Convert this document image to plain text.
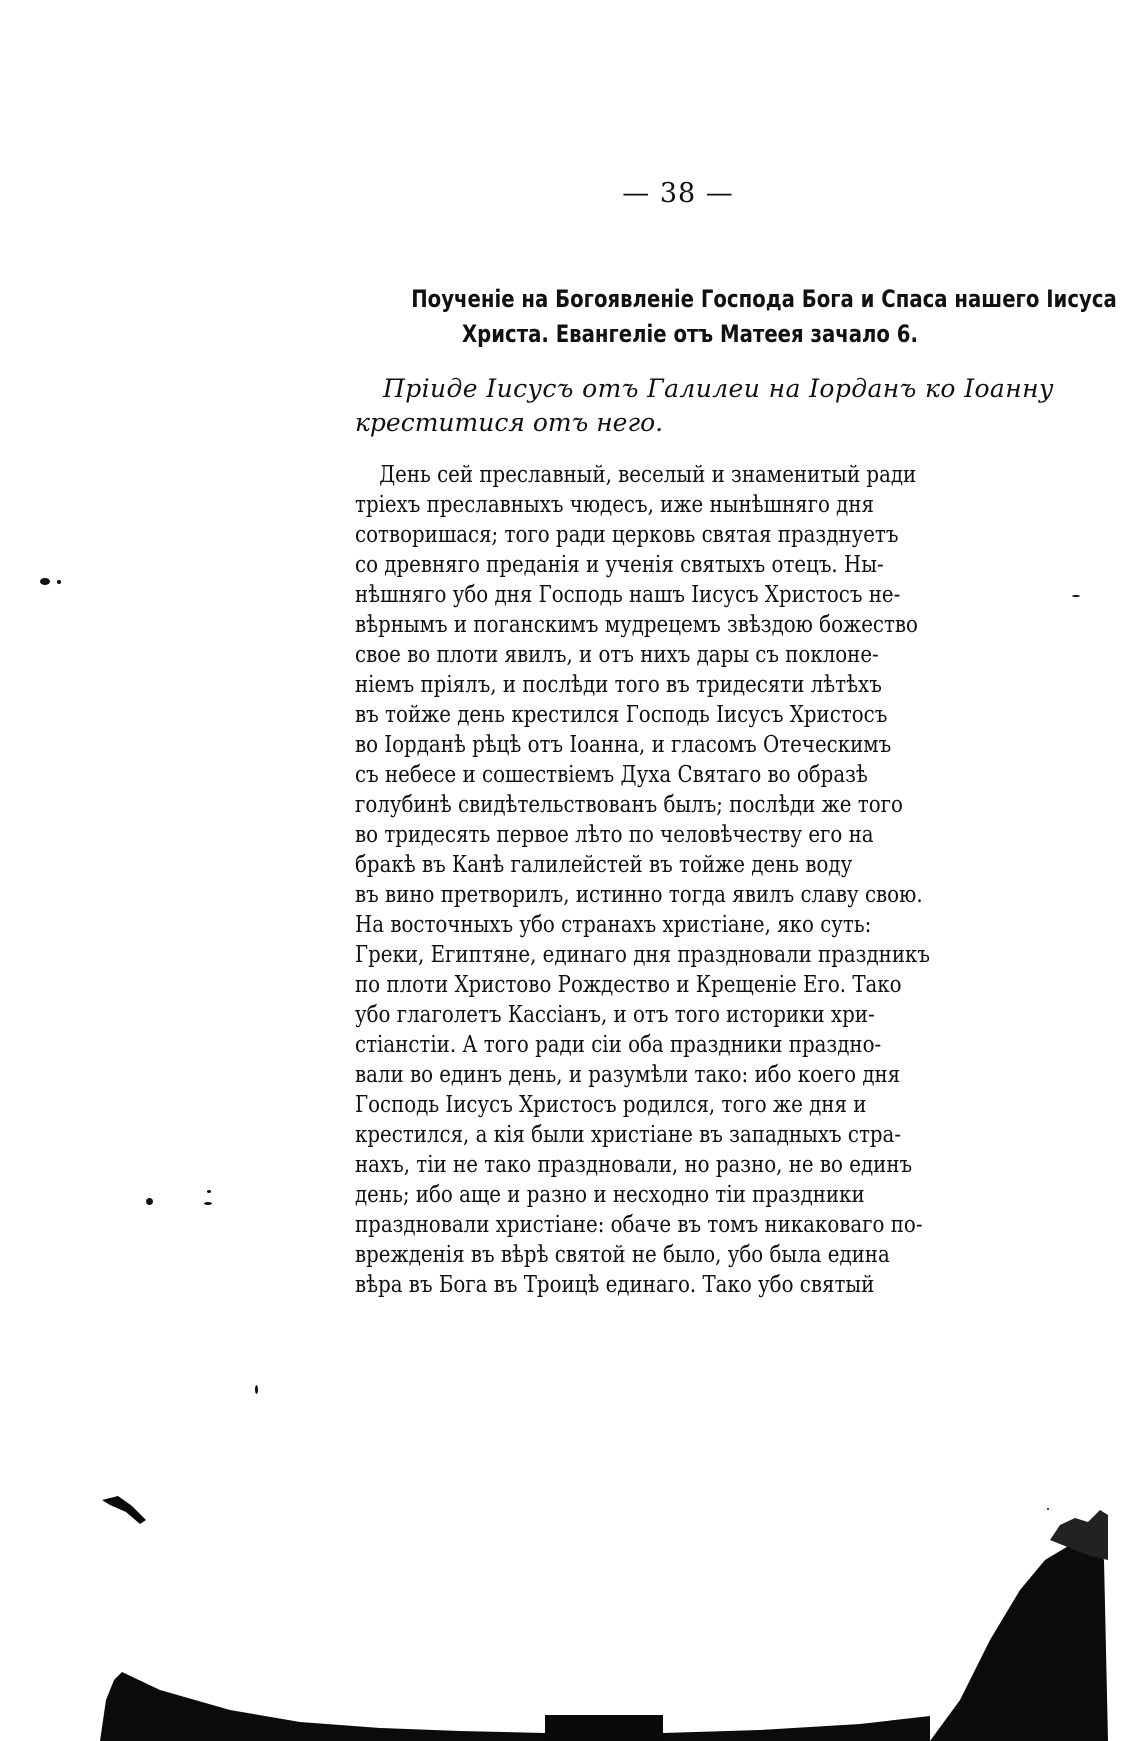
— 38 —
Поученіе на Богоявленіе Господа Бога и Спаса нашего Іисуса
Христа. Евангеліе отъ Матеея зачало 6.
Пріиде Іисусъ отъ Галилеи на Іорданъ ко Іоанну
креститися отъ него.
День сей преславный, веселый и знаменитый ради
тріехъ преславныхъ чюдесъ, иже нынѣшняго дня
сотворишася; того ради церковь святая празднуетъ
со древняго преданія и ученія святыхъ отецъ. Ны-
нѣшняго убо дня Господь нашъ Іисусъ Христосъ не-
вѣрнымъ и поганскимъ мудрецемъ звѣздою божество
свое во плоти явилъ, и отъ нихъ дары съ поклоне-
ніемъ пріялъ, и послѣди того въ тридесяти лѣтѣхъ
въ тойже день крестился Господь Іисусъ Христосъ
во Іорданѣ рѣцѣ отъ Іоанна, и гласомъ Отеческимъ
съ небесе и сошествіемъ Духа Святаго во образѣ
голубинѣ свидѣтельствованъ былъ; послѣди же того
во тридесять первое лѣто по человѣчеству его на
бракѣ въ Канѣ галилейстей въ тойже день воду
въ вино претворилъ, истинно тогда явилъ славу свою.
На восточныхъ убо странахъ христіане, яко суть:
Греки, Египтяне, единаго дня праздновали праздникъ
по плоти Христово Рождество и Крещеніе Его. Тако
убо глаголетъ Кассіанъ, и отъ того историки хри-
стіанстіи. А того ради сіи оба праздники праздно-
вали во единъ день, и разумѣли тако: ибо коего дня
Господь Іисусъ Христосъ родился, того же дня и
крестился, а кія были христіане въ западныхъ стра-
нахъ, тіи не тако праздновали, но разно, не во единъ
день; ибо аще и разно и несходно тіи праздники
праздновали христіане: обаче въ томъ никаковаго по-
врежденія въ вѣрѣ святой не было, убо была едина
вѣра въ Бога въ Троицѣ единаго. Тако убо святый
